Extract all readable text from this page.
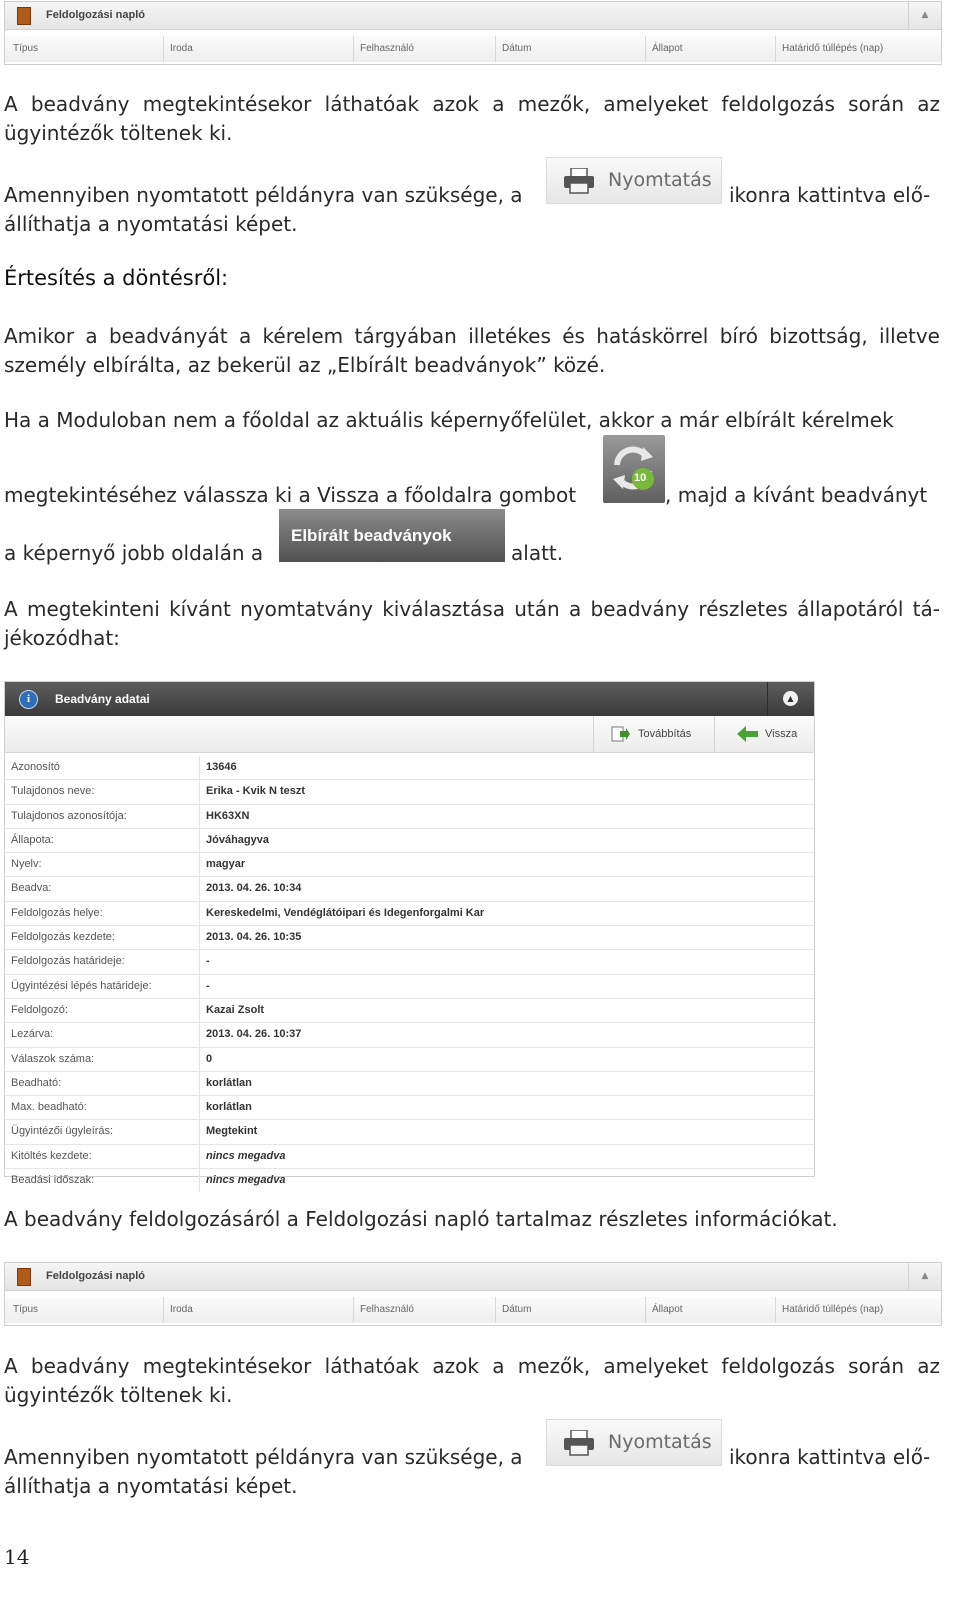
Feldolgozási napló	▲
Típus	Iroda	Felhasználó	Dátum	Állapot	Határidő túllépés (nap)
A beadvány megtekintésekor láthatóak azok a mezők, amelyeket feldolgozás során az
ügyintézők töltenek ki.
Amennyiben nyomtatott példányra van szüksége, a
Nyomtatás
ikonra kattintva elő-
állíthatja a nyomtatási képet.
Értesítés a döntésről:
Amikor a beadványát a kérelem tárgyában illetékes és hatáskörrel bíró bizottság, illetve
személy elbírálta, az bekerül az „Elbírált beadványok” közé.
Ha a Moduloban nem a főoldal az aktuális képernyőfelület, akkor a már elbírált kérelmek
megtekintéséhez válassza ki a Vissza a főoldalra gombot
10
, majd a kívánt beadványt
a képernyő jobb oldalán a
Elbírált beadványok
alatt.
A megtekinteni kívánt nyomtatvány kiválasztása után a beadvány részletes állapotáról tá-
jékozódhat:
i	Beadvány adatai	▲
Továbbítás	Vissza
Azonosító	13646
Tulajdonos neve:	Erika - Kvik N teszt
Tulajdonos azonosítója:	HK63XN
Állapota:	Jóváhagyva
Nyelv:	magyar
Beadva:	2013. 04. 26. 10:34
Feldolgozás helye:	Kereskedelmi, Vendéglátóipari és Idegenforgalmi Kar
Feldolgozás kezdete:	2013. 04. 26. 10:35
Feldolgozás határideje:	-
Ügyintézési lépés határideje:	-
Feldolgozó:	Kazai Zsolt
Lezárva:	2013. 04. 26. 10:37
Válaszok száma:	0
Beadható:	korlátlan
Max. beadható:	korlátlan
Ügyintézői ügyleírás:	Megtekint
Kitöltés kezdete:	nincs megadva
Beadási időszak:	nincs megadva
A beadvány feldolgozásáról a Feldolgozási napló tartalmaz részletes információkat.
Feldolgozási napló	▲
Típus	Iroda	Felhasználó	Dátum	Állapot	Határidő túllépés (nap)
A beadvány megtekintésekor láthatóak azok a mezők, amelyeket feldolgozás során az
ügyintézők töltenek ki.
Amennyiben nyomtatott példányra van szüksége, a
Nyomtatás
ikonra kattintva elő-
állíthatja a nyomtatási képet.
14
